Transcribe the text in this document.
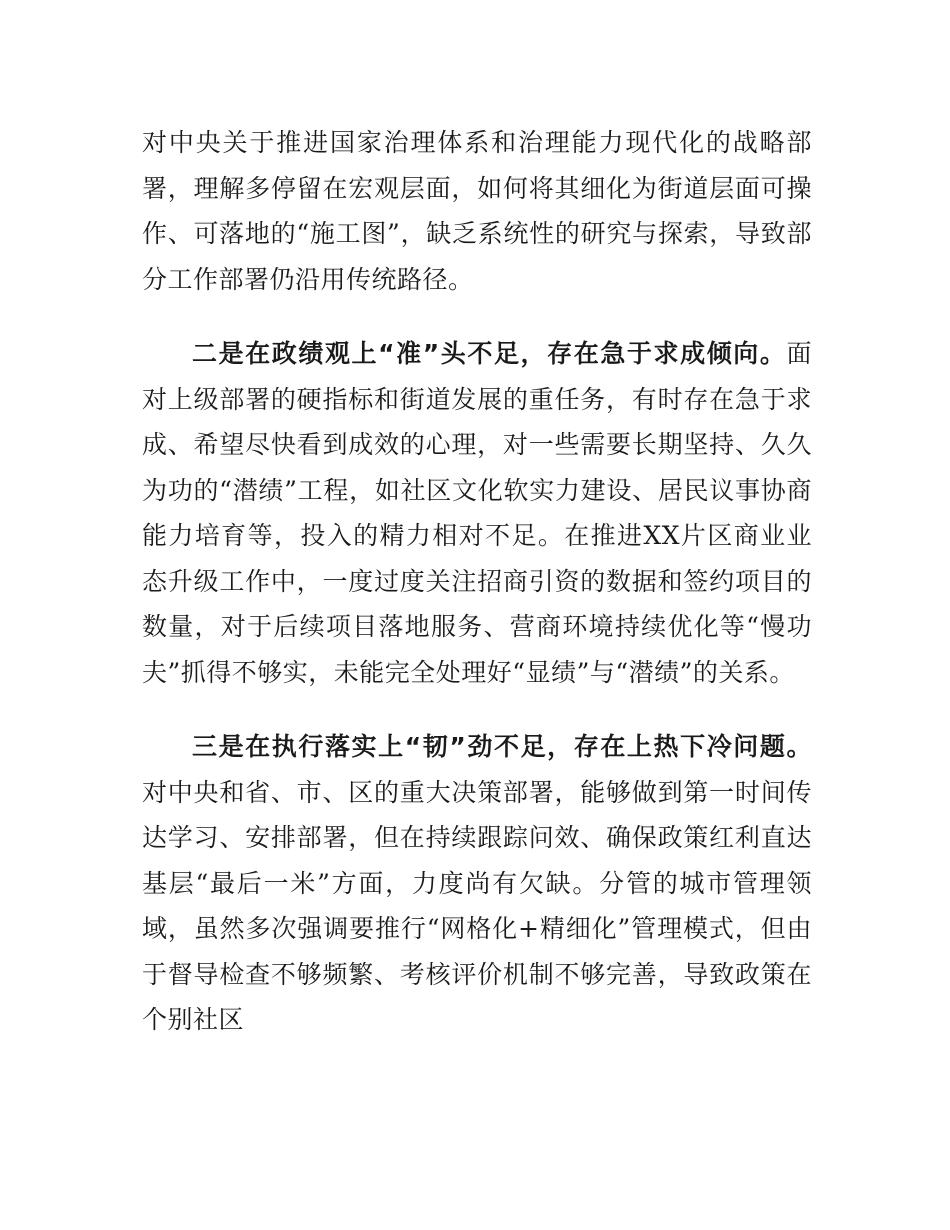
对中央关于推进国家治理体系和治理能力现代化的战略部署，理解多停留在宏观层面，如何将其细化为街道层面可操作、可落地的“施工图”，缺乏系统性的研究与探索，导致部分工作部署仍沿用传统路径。

二是在政绩观上“准”头不足，存在急于求成倾向。面对上级部署的硬指标和街道发展的重任务，有时存在急于求成、希望尽快看到成效的心理，对一些需要长期坚持、久久为功的“潜绩”工程，如社区文化软实力建设、居民议事协商能力培育等，投入的精力相对不足。在推进XX片区商业业态升级工作中，一度过度关注招商引资的数据和签约项目的数量，对于后续项目落地服务、营商环境持续优化等“慢功夫”抓得不够实，未能完全处理好“显绩”与“潜绩”的关系。

三是在执行落实上“韧”劲不足，存在上热下冷问题。对中央和省、市、区的重大决策部署，能够做到第一时间传达学习、安排部署，但在持续跟踪问效、确保政策红利直达基层“最后一米”方面，力度尚有欠缺。分管的城市管理领域，虽然多次强调要推行“网格化+精细化”管理模式，但由于督导检查不够频繁、考核评价机制不够完善，导致政策在个别社区
